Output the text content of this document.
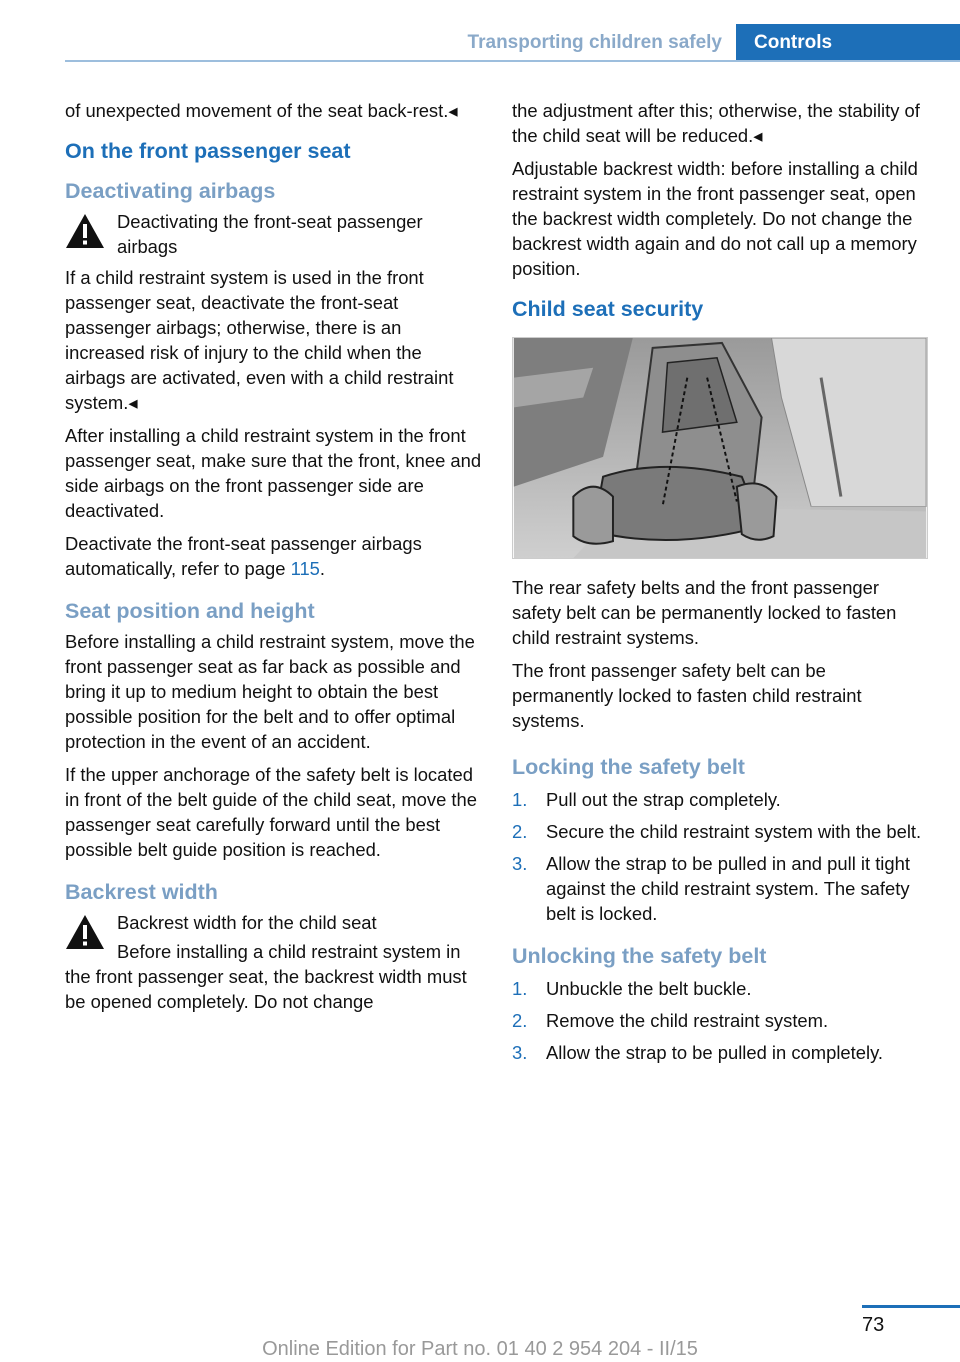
Transporting children safely	Controls

of unexpected movement of the seat back-rest.◂

On the front passenger seat
Deactivating airbags
Deactivating the front-seat passenger airbags

If a child restraint system is used in the front passenger seat, deactivate the front-seat passenger airbags; otherwise, there is an increased risk of injury to the child when the airbags are activated, even with a child restraint system.◂

After installing a child restraint system in the front passenger seat, make sure that the front, knee and side airbags on the front passenger side are deactivated.

Deactivate the front-seat passenger airbags automatically, refer to page 115.

Seat position and height

Before installing a child restraint system, move the front passenger seat as far back as possible and bring it up to medium height to obtain the best possible position for the belt and to offer optimal protection in the event of an accident.

If the upper anchorage of the safety belt is located in front of the belt guide of the child seat, move the passenger seat carefully forward until the best possible belt guide position is reached.

Backrest width
Backrest width for the child seat
Before installing a child restraint system in the front passenger seat, the backrest width must be opened completely. Do not change

the adjustment after this; otherwise, the stability of the child seat will be reduced.◂

Adjustable backrest width: before installing a child restraint system in the front passenger seat, open the backrest width completely. Do not change the backrest width again and do not call up a memory position.

Child seat security

The rear safety belts and the front passenger safety belt can be permanently locked to fasten child restraint systems.

The front passenger safety belt can be permanently locked to fasten child restraint systems.

Locking the safety belt
1. Pull out the strap completely.
2. Secure the child restraint system with the belt.
3. Allow the strap to be pulled in and pull it tight against the child restraint system. The safety belt is locked.
Unlocking the safety belt
1. Unbuckle the belt buckle.
2. Remove the child restraint system.
3. Allow the strap to be pulled in completely.
73
Online Edition for Part no. 01 40 2 954 204 - II/15
